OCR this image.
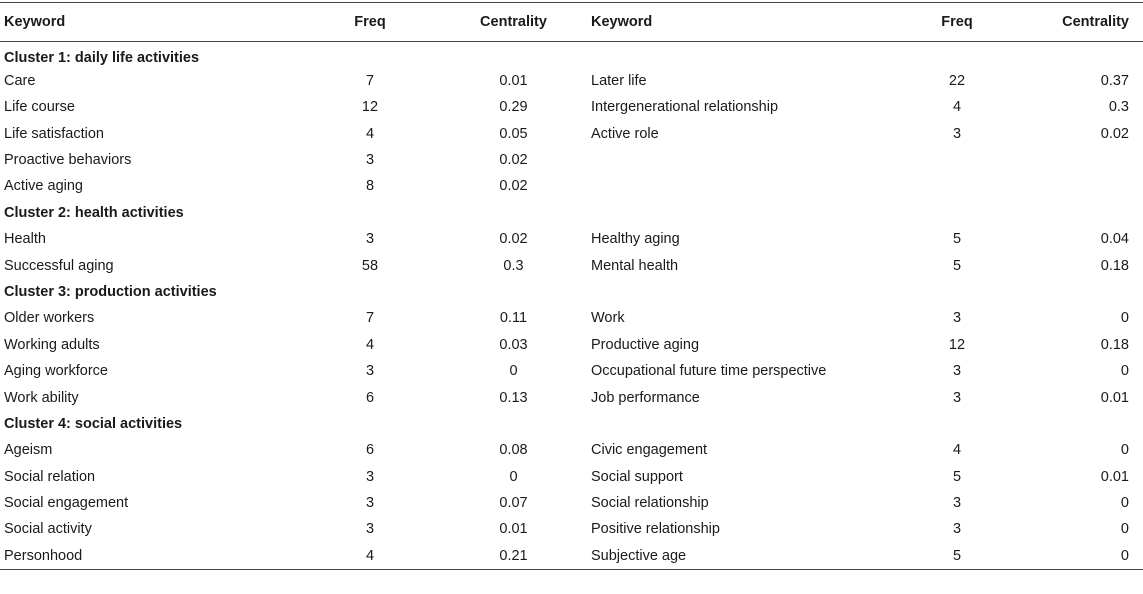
Keyword	Freq	Centrality	Keyword	Freq	Centrality
Cluster 1: daily life activities					
Care	7	0.01	Later life	22	0.37
Life course	12	0.29	Intergenerational relationship	4	0.3
Life satisfaction	4	0.05	Active role	3	0.02
Proactive behaviors	3	0.02			
Active aging	8	0.02			
Cluster 2: health activities					
Health	3	0.02	Healthy aging	5	0.04
Successful aging	58	0.3	Mental health	5	0.18
Cluster 3: production activities					
Older workers	7	0.11	Work	3	0
Working adults	4	0.03	Productive aging	12	0.18
Aging workforce	3	0	Occupational future time perspective	3	0
Work ability	6	0.13	Job performance	3	0.01
Cluster 4: social activities					
Ageism	6	0.08	Civic engagement	4	0
Social relation	3	0	Social support	5	0.01
Social engagement	3	0.07	Social relationship	3	0
Social activity	3	0.01	Positive relationship	3	0
Personhood	4	0.21	Subjective age	5	0
